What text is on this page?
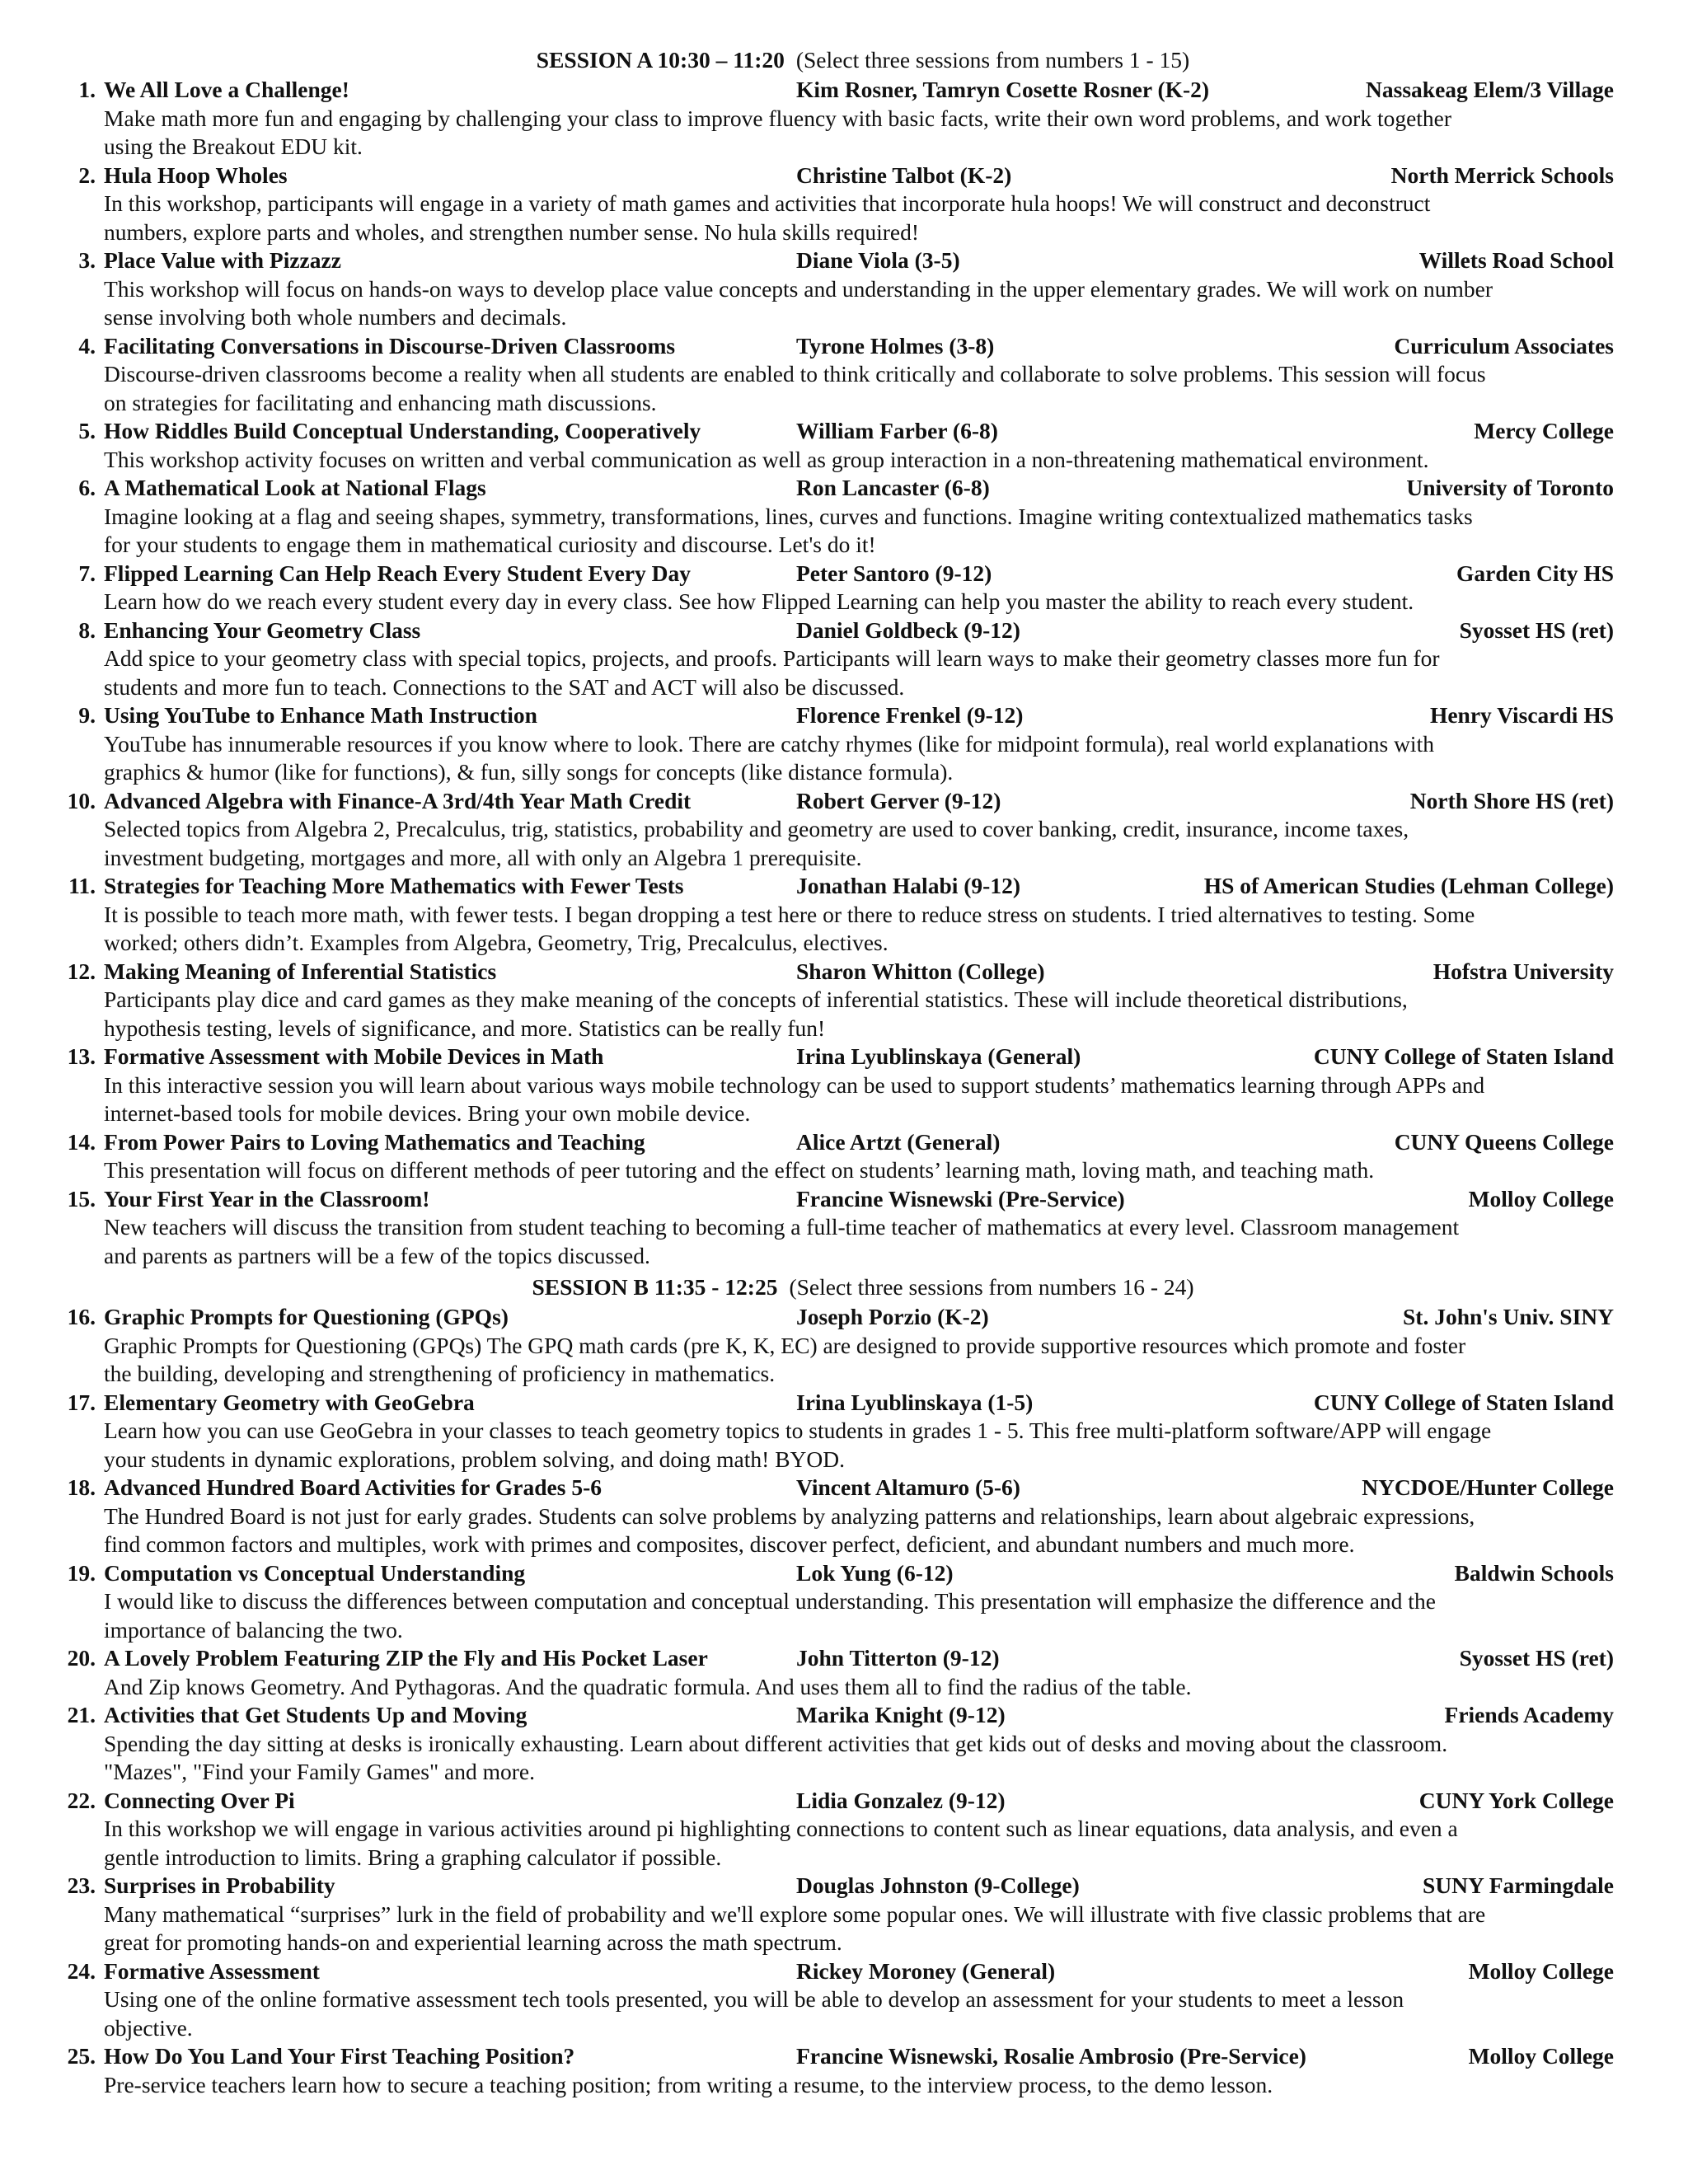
SESSION A 10:30 – 11:20 (Select three sessions from numbers 1 - 15)
1. We All Love a Challenge!	Kim Rosner, Tamryn Cosette Rosner (K-2)	Nassakeag Elem/3 Village
Make math more fun and engaging by challenging your class to improve fluency with basic facts, write their own word problems, and work together
using the Breakout EDU kit.
2. Hula Hoop Wholes	Christine Talbot (K-2)	North Merrick Schools
In this workshop, participants will engage in a variety of math games and activities that incorporate hula hoops! We will construct and deconstruct
numbers, explore parts and wholes, and strengthen number sense. No hula skills required!
3. Place Value with Pizzazz	Diane Viola (3-5)	Willets Road School
This workshop will focus on hands-on ways to develop place value concepts and understanding in the upper elementary grades. We will work on number
sense involving both whole numbers and decimals.
4. Facilitating Conversations in Discourse-Driven Classrooms	Tyrone Holmes (3-8)	Curriculum Associates
Discourse-driven classrooms become a reality when all students are enabled to think critically and collaborate to solve problems. This session will focus
on strategies for facilitating and enhancing math discussions.
5. How Riddles Build Conceptual Understanding, Cooperatively	William Farber (6-8)	Mercy College
This workshop activity focuses on written and verbal communication as well as group interaction in a non-threatening mathematical environment.
6. A Mathematical Look at National Flags	Ron Lancaster (6-8)	University of Toronto
Imagine looking at a flag and seeing shapes, symmetry, transformations, lines, curves and functions. Imagine writing contextualized mathematics tasks
for your students to engage them in mathematical curiosity and discourse. Let's do it!
7. Flipped Learning Can Help Reach Every Student Every Day	Peter Santoro (9-12)	Garden City HS
Learn how do we reach every student every day in every class. See how Flipped Learning can help you master the ability to reach every student.
8. Enhancing Your Geometry Class	Daniel Goldbeck (9-12)	Syosset HS (ret)
Add spice to your geometry class with special topics, projects, and proofs. Participants will learn ways to make their geometry classes more fun for
students and more fun to teach. Connections to the SAT and ACT will also be discussed.
9. Using YouTube to Enhance Math Instruction	Florence Frenkel (9-12)	Henry Viscardi HS
YouTube has innumerable resources if you know where to look. There are catchy rhymes (like for midpoint formula), real world explanations with
graphics & humor (like for functions), & fun, silly songs for concepts (like distance formula).
10. Advanced Algebra with Finance-A 3rd/4th Year Math Credit	Robert Gerver (9-12)	North Shore HS (ret)
Selected topics from Algebra 2, Precalculus, trig, statistics, probability and geometry are used to cover banking, credit, insurance, income taxes,
investment budgeting, mortgages and more, all with only an Algebra 1 prerequisite.
11. Strategies for Teaching More Mathematics with Fewer Tests	Jonathan Halabi (9-12)	HS of American Studies (Lehman College)
It is possible to teach more math, with fewer tests. I began dropping a test here or there to reduce stress on students. I tried alternatives to testing. Some
worked; others didn’t. Examples from Algebra, Geometry, Trig, Precalculus, electives.
12. Making Meaning of Inferential Statistics	Sharon Whitton (College)	Hofstra University
Participants play dice and card games as they make meaning of the concepts of inferential statistics. These will include theoretical distributions,
hypothesis testing, levels of significance, and more. Statistics can be really fun!
13. Formative Assessment with Mobile Devices in Math	Irina Lyublinskaya (General)	CUNY College of Staten Island
In this interactive session you will learn about various ways mobile technology can be used to support students’ mathematics learning through APPs and
internet-based tools for mobile devices. Bring your own mobile device.
14. From Power Pairs to Loving Mathematics and Teaching	Alice Artzt (General)	CUNY Queens College
This presentation will focus on different methods of peer tutoring and the effect on students’ learning math, loving math, and teaching math.
15. Your First Year in the Classroom!	Francine Wisnewski (Pre-Service)	Molloy College
New teachers will discuss the transition from student teaching to becoming a full-time teacher of mathematics at every level. Classroom management
and parents as partners will be a few of the topics discussed.
SESSION B 11:35 - 12:25 (Select three sessions from numbers 16 - 24)
16. Graphic Prompts for Questioning (GPQs)	Joseph Porzio (K-2)	St. John's Univ. SINY
Graphic Prompts for Questioning (GPQs) The GPQ math cards (pre K, K, EC) are designed to provide supportive resources which promote and foster
the building, developing and strengthening of proficiency in mathematics.
17. Elementary Geometry with GeoGebra	Irina Lyublinskaya (1-5)	CUNY College of Staten Island
Learn how you can use GeoGebra in your classes to teach geometry topics to students in grades 1 - 5. This free multi-platform software/APP will engage
your students in dynamic explorations, problem solving, and doing math! BYOD.
18. Advanced Hundred Board Activities for Grades 5-6	Vincent Altamuro (5-6)	NYCDOE/Hunter College
The Hundred Board is not just for early grades. Students can solve problems by analyzing patterns and relationships, learn about algebraic expressions,
find common factors and multiples, work with primes and composites, discover perfect, deficient, and abundant numbers and much more.
19. Computation vs Conceptual Understanding	Lok Yung (6-12)	Baldwin Schools
I would like to discuss the differences between computation and conceptual understanding. This presentation will emphasize the difference and the
importance of balancing the two.
20. A Lovely Problem Featuring ZIP the Fly and His Pocket Laser	John Titterton (9-12)	Syosset HS (ret)
And Zip knows Geometry. And Pythagoras. And the quadratic formula. And uses them all to find the radius of the table.
21. Activities that Get Students Up and Moving	Marika Knight (9-12)	Friends Academy
Spending the day sitting at desks is ironically exhausting. Learn about different activities that get kids out of desks and moving about the classroom.
"Mazes", "Find your Family Games" and more.
22. Connecting Over Pi	Lidia Gonzalez (9-12)	CUNY York College
In this workshop we will engage in various activities around pi highlighting connections to content such as linear equations, data analysis, and even a
gentle introduction to limits. Bring a graphing calculator if possible.
23. Surprises in Probability	Douglas Johnston (9-College)	SUNY Farmingdale
Many mathematical “surprises” lurk in the field of probability and we'll explore some popular ones. We will illustrate with five classic problems that are
great for promoting hands-on and experiential learning across the math spectrum.
24. Formative Assessment	Rickey Moroney (General)	Molloy College
Using one of the online formative assessment tech tools presented, you will be able to develop an assessment for your students to meet a lesson
objective.
25. How Do You Land Your First Teaching Position?	Francine Wisnewski, Rosalie Ambrosio (Pre-Service)	Molloy College
Pre-service teachers learn how to secure a teaching position; from writing a resume, to the interview process, to the demo lesson.
